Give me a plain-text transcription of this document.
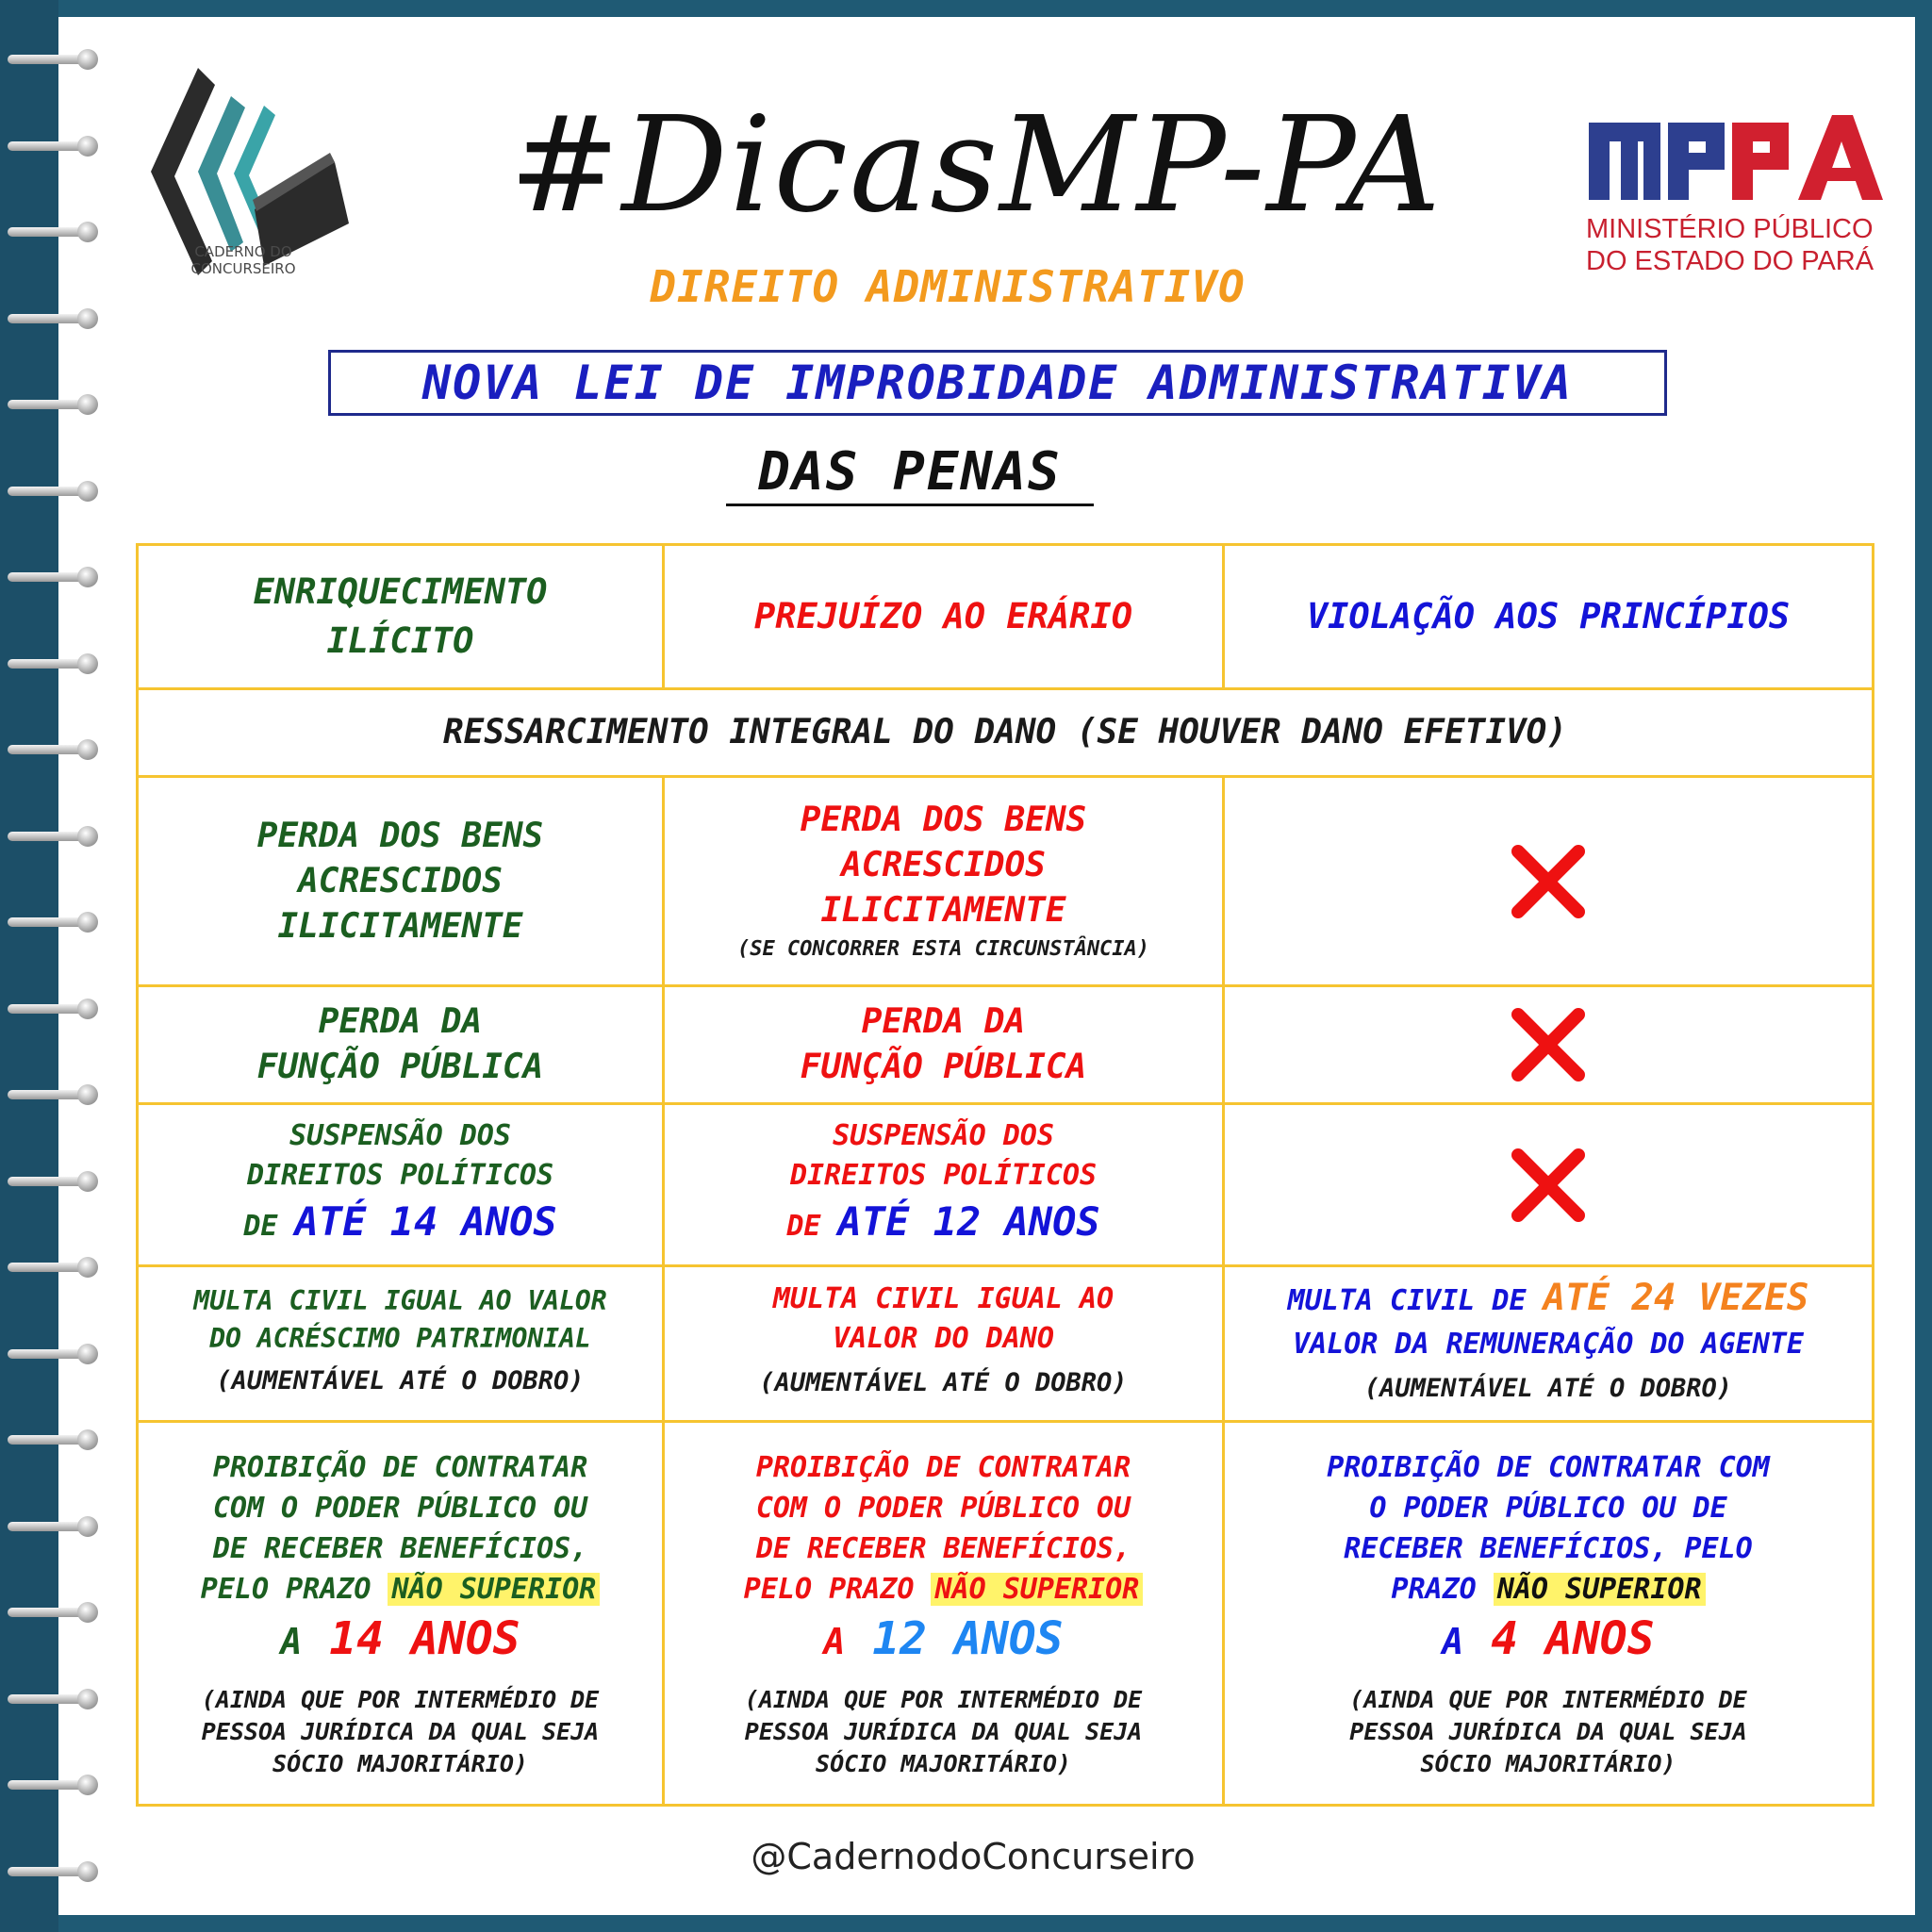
CADERNO DO CONCURSEIRO
#DicasMP-PA
DIREITO ADMINISTRATIVO
MINISTÉRIO PÚBLICO
DO ESTADO DO PARÁ
NOVA LEI DE IMPROBIDADE ADMINISTRATIVA
DAS PENAS
ENRIQUECIMENTO ILÍCITO
PREJUÍZO AO ERÁRIO	VIOLAÇÃO AOS PRINCÍPIOS
RESSARCIMENTO INTEGRAL DO DANO (SE HOUVER DANO EFETIVO)
PERDA DOS BENS
ACRESCIDOS
ILICITAMENTE
PERDA DOS BENS
ACRESCIDOS
ILICITAMENTE
(SE CONCORRER ESTA CIRCUNSTÂNCIA)
PERDA DA
FUNÇÃO PÚBLICA
PERDA DA
FUNÇÃO PÚBLICA
SUSPENSÃO DOS
DIREITOS POLÍTICOS
DE ATÉ 14 ANOS
SUSPENSÃO DOS
DIREITOS POLÍTICOS
DE ATÉ 12 ANOS
MULTA CIVIL IGUAL AO VALOR
DO ACRÉSCIMO PATRIMONIAL
(AUMENTÁVEL ATÉ O DOBRO)
MULTA CIVIL IGUAL AO
VALOR DO DANO
(AUMENTÁVEL ATÉ O DOBRO)
MULTA CIVIL DE ATÉ 24 VEZES
VALOR DA REMUNERAÇÃO DO AGENTE
(AUMENTÁVEL ATÉ O DOBRO)
PROIBIÇÃO DE CONTRATAR
COM O PODER PÚBLICO OU
DE RECEBER BENEFÍCIOS,
PELO PRAZO NÃO SUPERIOR
A 14 ANOS
(AINDA QUE POR INTERMÉDIO DE
PESSOA JURÍDICA DA QUAL SEJA
SÓCIO MAJORITÁRIO)
PROIBIÇÃO DE CONTRATAR
COM O PODER PÚBLICO OU
DE RECEBER BENEFÍCIOS,
PELO PRAZO NÃO SUPERIOR
A 12 ANOS
(AINDA QUE POR INTERMÉDIO DE
PESSOA JURÍDICA DA QUAL SEJA
SÓCIO MAJORITÁRIO)
PROIBIÇÃO DE CONTRATAR COM
O PODER PÚBLICO OU DE
RECEBER BENEFÍCIOS, PELO
PRAZO NÃO SUPERIOR
A 4 ANOS
(AINDA QUE POR INTERMÉDIO DE
PESSOA JURÍDICA DA QUAL SEJA
SÓCIO MAJORITÁRIO)
@CadernodoConcurseiro
